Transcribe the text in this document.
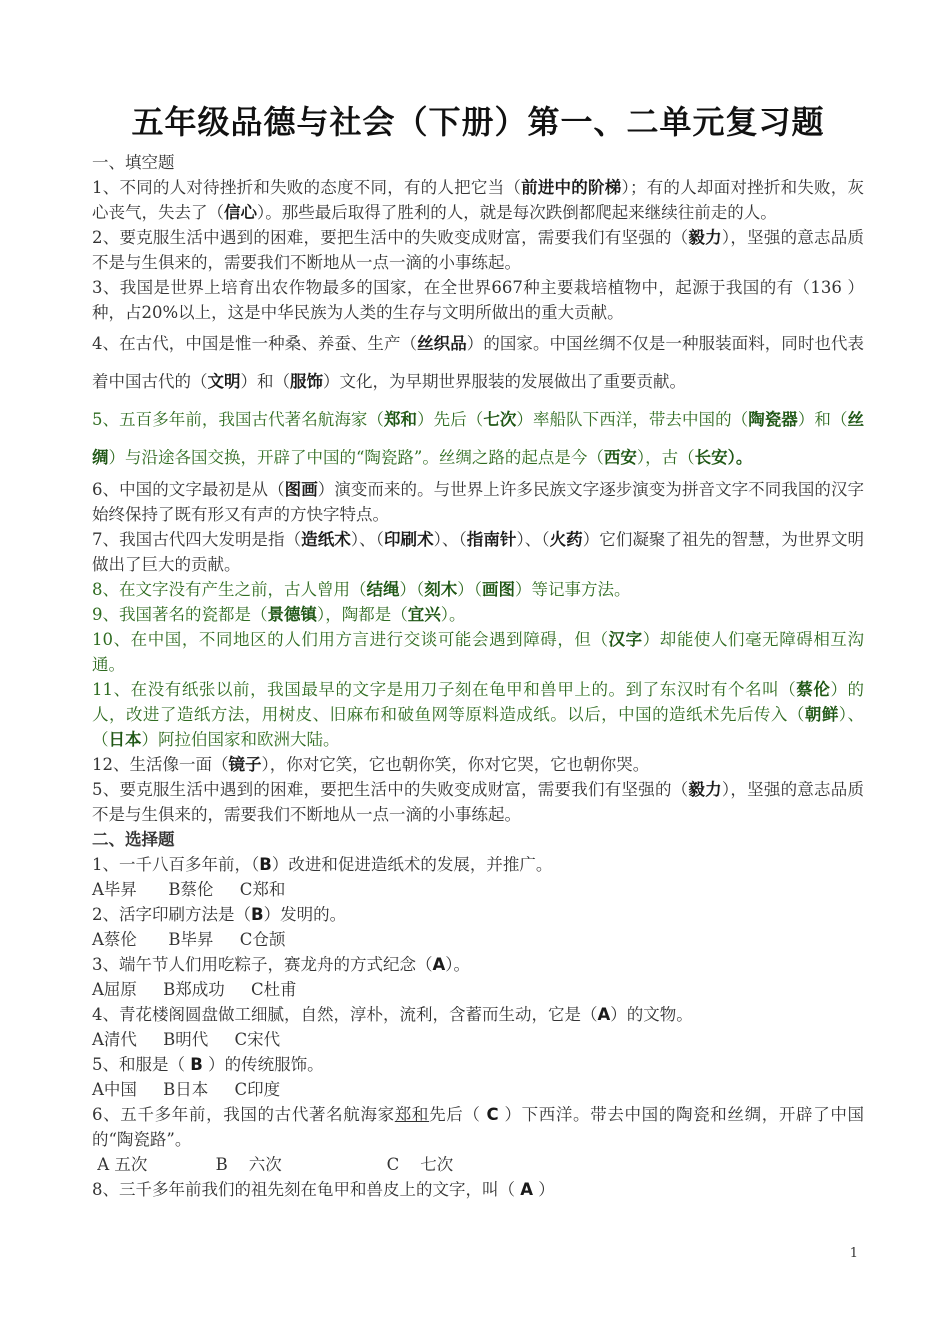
五年级品德与社会（下册）第一、二单元复习题

一、填空题

1、不同的人对待挫折和失败的态度不同，有的人把它当（前进中的阶梯）；有的人却面对挫折和失败，灰心丧气，失去了（信心）。那些最后取得了胜利的人，就是每次跌倒都爬起来继续往前走的人。

2、要克服生活中遇到的困难，要把生活中的失败变成财富，需要我们有坚强的（毅力），坚强的意志品质不是与生俱来的，需要我们不断地从一点一滴的小事练起。

3、我国是世界上培育出农作物最多的国家，在全世界667种主要栽培植物中，起源于我国的有（136 ）种，占20%以上，这是中华民族为人类的生存与文明所做出的重大贡献。

4、在古代，中国是惟一种桑、养蚕、生产（丝织品）的国家。中国丝绸不仅是一种服装面料，同时也代表着中国古代的（文明）和（服饰）文化，为早期世界服装的发展做出了重要贡献。

5、五百多年前，我国古代著名航海家（郑和）先后（七次）率船队下西洋，带去中国的（陶瓷器）和（丝绸）与沿途各国交换，开辟了中国的“陶瓷路”。丝绸之路的起点是今（西安），古（长安）。

6、中国的文字最初是从（图画）演变而来的。与世界上许多民族文字逐步演变为拼音文字不同我国的汉字始终保持了既有形又有声的方快字特点。

7、我国古代四大发明是指（造纸术）、（印刷术）、（指南针）、（火药）它们凝聚了祖先的智慧，为世界文明做出了巨大的贡献。

8、在文字没有产生之前，古人曾用（结绳）（刻木）（画图）等记事方法。

9、我国著名的瓷都是（景德镇），陶都是（宜兴）。

10、在中国，不同地区的人们用方言进行交谈可能会遇到障碍，但（汉字）却能使人们毫无障碍相互沟通。

11、在没有纸张以前，我国最早的文字是用刀子刻在龟甲和兽甲上的。到了东汉时有个名叫（蔡伦）的人，改进了造纸方法，用树皮、旧麻布和破鱼网等原料造成纸。以后，中国的造纸术先后传入（朝鲜）、（日本）阿拉伯国家和欧洲大陆。

12、生活像一面（镜子），你对它笑，它也朝你笑，你对它哭，它也朝你哭。

5、要克服生活中遇到的困难，要把生活中的失败变成财富，需要我们有坚强的（毅力），坚强的意志品质不是与生俱来的，需要我们不断地从一点一滴的小事练起。

二、选择题

1、一千八百多年前，（B）改进和促进造纸术的发展，并推广。

A毕昇      B蔡伦     C郑和

2、活字印刷方法是（B）发明的。

A蔡伦      B毕昇     C仓颉

3、端午节人们用吃粽子，赛龙舟的方式纪念（A）。

A屈原     B郑成功     C杜甫

4、青花楼阁圆盘做工细腻，自然，淳朴，流利，含蓄而生动，它是（A）的文物。

A清代     B明代     C宋代

5、和服是（ B ）的传统服饰。

A中国     B日本     C印度

6、五千多年前，我国的古代著名航海家郑和先后（ C ）下西洋。带去中国的陶瓷和丝绸，开辟了中国的“陶瓷路”。

A 五次             B    六次                    C    七次

8、三千多年前我们的祖先刻在龟甲和兽皮上的文字，叫（ A ）

1
